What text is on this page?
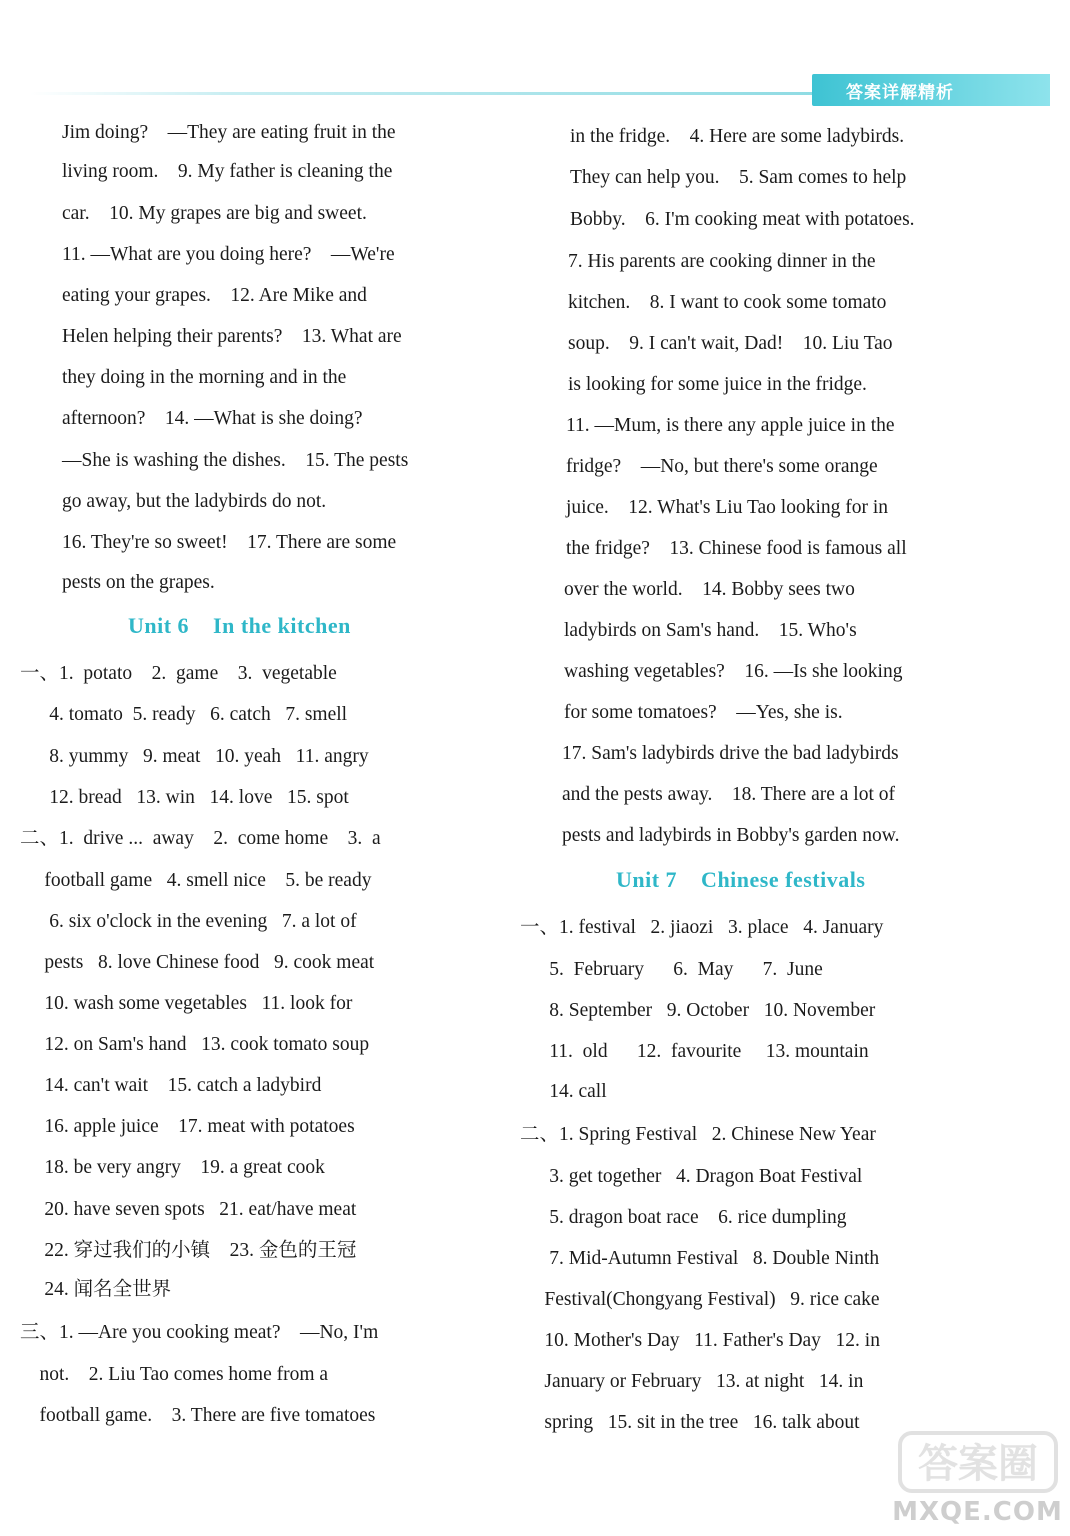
答案详解精析
Jim doing?    —They are eating fruit in the
living room.    9. My father is cleaning the
car.    10. My grapes are big and sweet.
11. —What are you doing here?    —We're
eating your grapes.    12. Are Mike and
Helen helping their parents?    13. What are
they doing in the morning and in the
afternoon?    14. —What is she doing?
—She is washing the dishes.    15. The pests
go away, but the ladybirds do not.
16. They're so sweet!    17. There are some
pests on the grapes.
Unit 6    In the kitchen
一、1.  potato    2.  game    3.  vegetable
4. tomato  5. ready   6. catch   7. smell
8. yummy   9. meat   10. yeah   11. angry
12. bread   13. win   14. love   15. spot
二、1.  drive ...  away    2.  come home    3.  a
football game   4. smell nice    5. be ready
6. six o'clock in the evening   7. a lot of
pests   8. love Chinese food   9. cook meat
10. wash some vegetables   11. look for
12. on Sam's hand   13. cook tomato soup
14. can't wait    15. catch a ladybird
16. apple juice    17. meat with potatoes
18. be very angry    19. a great cook
20. have seven spots   21. eat/have meat
22. 穿过我们的小镇    23. 金色的王冠
24. 闻名全世界
三、1. —Are you cooking meat?    —No, I'm
not.    2. Liu Tao comes home from a
football game.    3. There are five tomatoes
in the fridge.    4. Here are some ladybirds.
They can help you.    5. Sam comes to help
Bobby.    6. I'm cooking meat with potatoes.
7. His parents are cooking dinner in the
kitchen.    8. I want to cook some tomato
soup.    9. I can't wait, Dad!    10. Liu Tao
is looking for some juice in the fridge.
11. —Mum, is there any apple juice in the
fridge?    —No, but there's some orange
juice.    12. What's Liu Tao looking for in
the fridge?    13. Chinese food is famous all
over the world.    14. Bobby sees two
ladybirds on Sam's hand.    15. Who's
washing vegetables?    16. —Is she looking
for some tomatoes?    —Yes, she is.
17. Sam's ladybirds drive the bad ladybirds
and the pests away.    18. There are a lot of
pests and ladybirds in Bobby's garden now.
Unit 7    Chinese festivals
一、1. festival   2. jiaozi   3. place   4. January
5.  February      6.  May      7.  June
8. September   9. October   10. November
11.  old      12.  favourite     13. mountain
14. call
二、1. Spring Festival   2. Chinese New Year
3. get together   4. Dragon Boat Festival
5. dragon boat race    6. rice dumpling
7. Mid-Autumn Festival   8. Double Ninth
Festival(Chongyang Festival)   9. rice cake
10. Mother's Day   11. Father's Day   12. in
January or February   13. at night   14. in
spring   15. sit in the tree   16. talk about
答案圈
MXQE.COM
